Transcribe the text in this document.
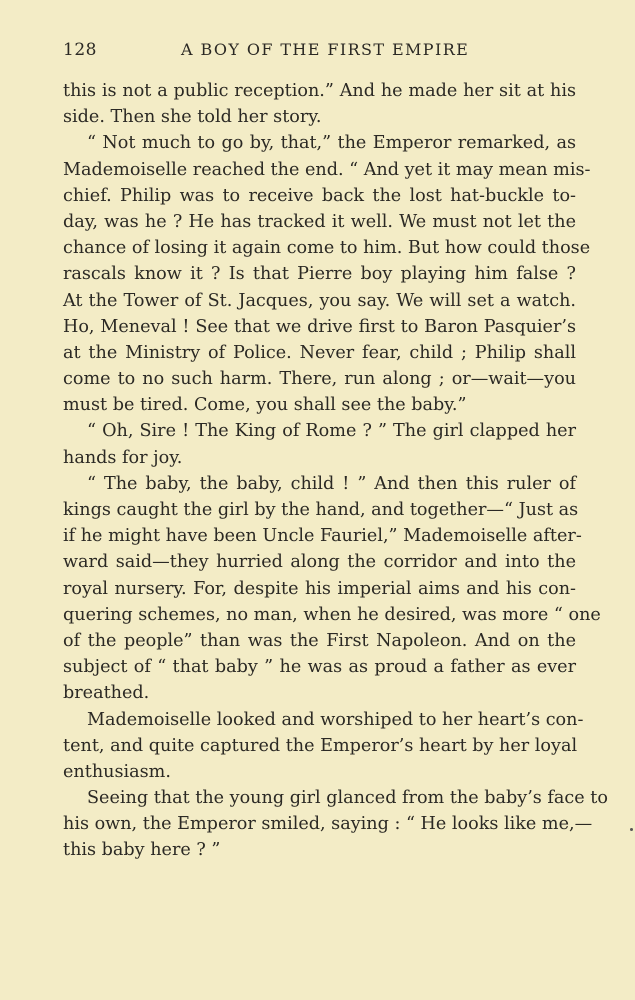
128	A BOY OF THE FIRST EMPIRE
this is not a public reception.” And he made her sit at his
side. Then she told her story.
“ Not much to go by, that,” the Emperor remarked, as
Mademoiselle reached the end. “ And yet it may mean mis-
chief. Philip was to receive back the lost hat-buckle to-
day, was he ? He has tracked it well. We must not let the
chance of losing it again come to him. But how could those
rascals know it ? Is that Pierre boy playing him false ?
At the Tower of St. Jacques, you say. We will set a watch.
Ho, Meneval ! See that we drive first to Baron Pasquier’s
at the Ministry of Police. Never fear, child ; Philip shall
come to no such harm. There, run along ; or—wait—you
must be tired. Come, you shall see the baby.”
“ Oh, Sire ! The King of Rome ? ” The girl clapped her
hands for joy.
“ The baby, the baby, child ! ” And then this ruler of
kings caught the girl by the hand, and together—“ Just as
if he might have been Uncle Fauriel,” Mademoiselle after-
ward said—they hurried along the corridor and into the
royal nursery. For, despite his imperial aims and his con-
quering schemes, no man, when he desired, was more “ one
of the people” than was the First Napoleon. And on the
subject of “ that baby ” he was as proud a father as ever
breathed.
Mademoiselle looked and worshiped to her heart’s con-
tent, and quite captured the Emperor’s heart by her loyal
enthusiasm.
Seeing that the young girl glanced from the baby’s face to
his own, the Emperor smiled, saying : “ He looks like me,—
this baby here ? ”
